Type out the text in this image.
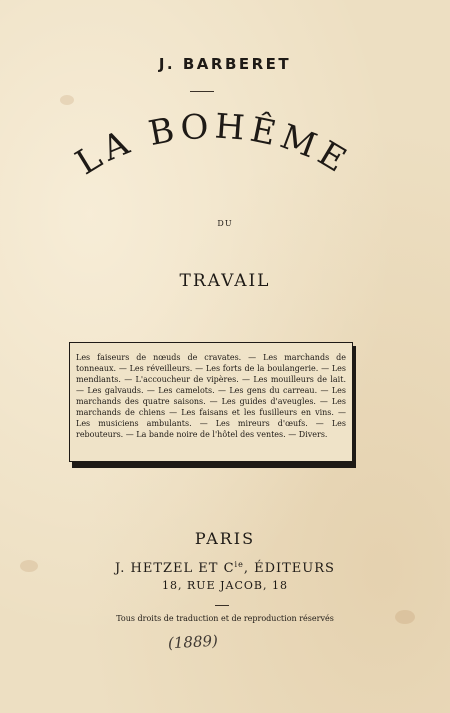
J. BARBERET
LA BOHÊME
DU
TRAVAIL

Les faiseurs de nœuds de cravates. — Les marchands de tonneaux. — Les réveilleurs. — Les forts de la boulangerie. — Les mendiants. — L'accoucheur de vipères. — Les mouilleurs de lait. — Les galvauds. — Les camelots. — Les gens du carreau. — Les marchands des quatre saisons. — Les guides d'aveugles. — Les marchands de chiens — Les faisans et les fusilleurs en vins. — Les musiciens ambulants. — Les mireurs d'œufs. — Les rebouteurs. — La bande noire de l'hôtel des ventes. — Divers.

PARIS
J. HETZEL ET $C^{ie}$, ÉDITEURS
18, RUE JACOB, 18
Tous droits de traduction et de reproduction réservés
(1889)
